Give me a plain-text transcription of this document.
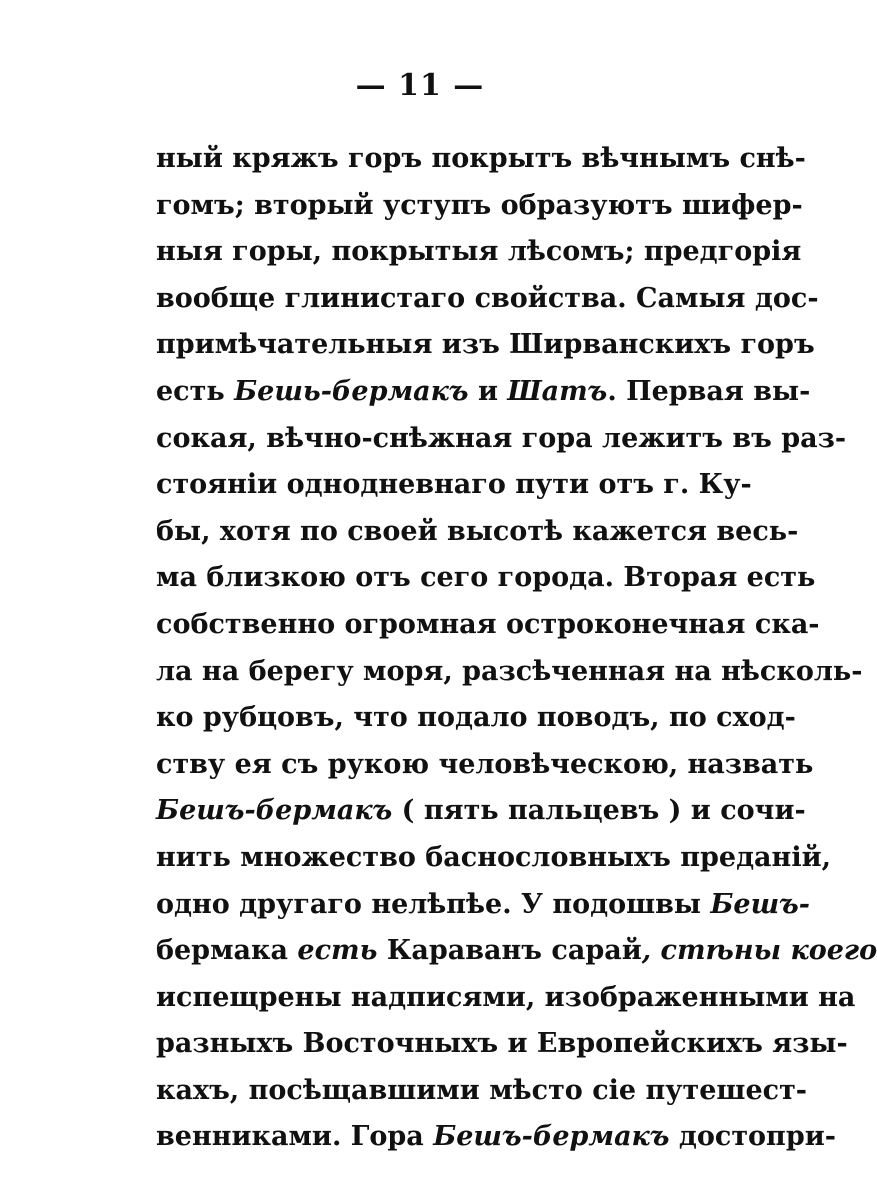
— 11 —
ный кряжъ горъ покрытъ вѣчнымъ снѣ-
гомъ; вторый уступъ образуютъ шифер-
ныя горы, покрытыя лѣсомъ; предгорія
вообще глинистаго свойства. Самыя дос-
примѣчательныя изъ Ширванскихъ горъ
есть Бешь-бермакъ и Шатъ. Первая вы-
сокая, вѣчно-снѣжная гора лежитъ въ раз-
стояніи однодневнаго пути отъ г. Ку-
бы, хотя по своей высотѣ кажется весь-
ма близкою отъ сего города. Вторая есть
собственно огромная остроконечная ска-
ла на берегу моря, разсѣченная на нѣсколь-
ко рубцовъ, что подало поводъ, по сход-
ству ея съ рукою человѣческою, назвать
Бешъ-бермакъ ( пять пальцевъ ) и сочи-
нить множество баснословныхъ преданій,
одно другаго нелѣпѣе. У подошвы Бешъ-
бермака есть Караванъ сарай, стѣны коего
испещрены надписями, изображенными на
разныхъ Восточныхъ и Европейскихъ язы-
кахъ, посѣщавшими мѣсто сіе путешест-
венниками. Гора Бешъ-бермакъ достопри-
